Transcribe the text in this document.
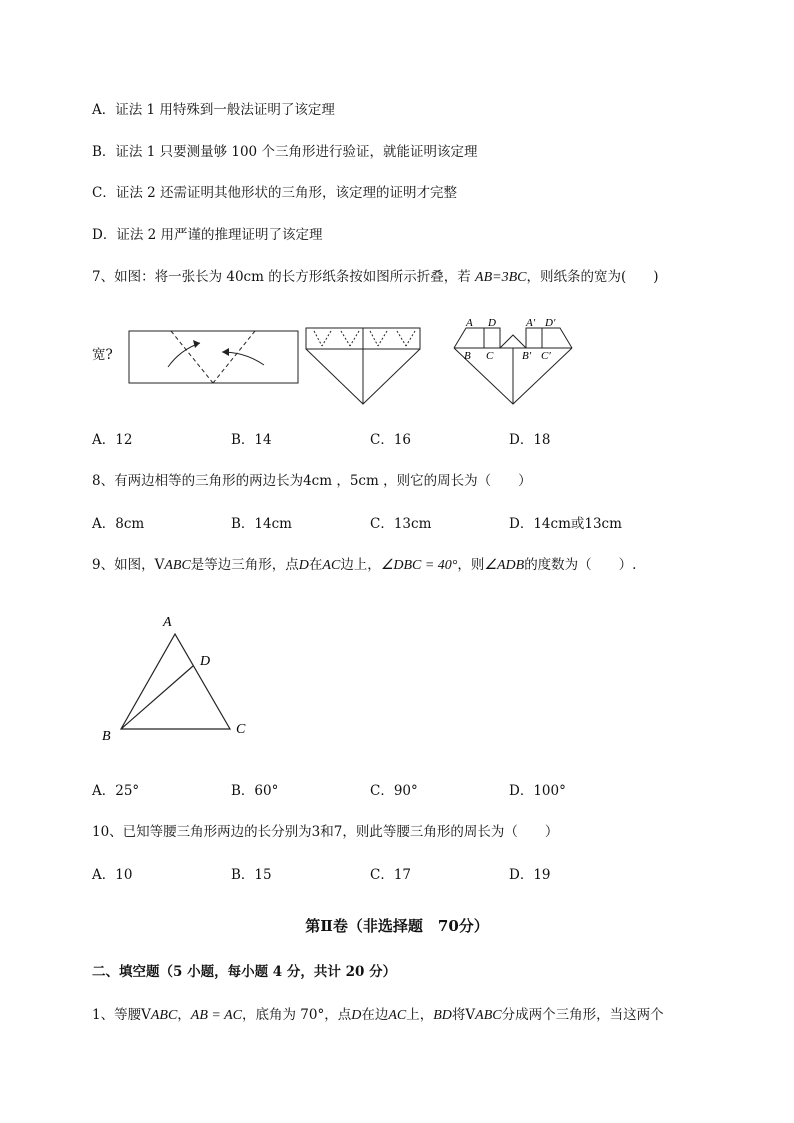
A．证法 1 用特殊到一般法证明了该定理
B．证法 1 只要测量够 100 个三角形进行验证，就能证明该定理
C．证法 2 还需证明其他形状的三角形，该定理的证明才完整
D．证法 2 用严谨的推理证明了该定理
7、如图：将一张长为 40cm 的长方形纸条按如图所示折叠，若 AB=3BC，则纸条的宽为(　　)
宽?
A D
B C
A′ D′
B′ C′
A．12	B．14	C．16	D．18
8、有两边相等的三角形的两边长为4cm ，5cm ，则它的周长为（　　）
A．8cm	B．14cm	C．13cm	D．14cm或13cm
9、如图，VABC是等边三角形，点D在AC边上，∠DBC = 40°，则∠ADB的度数为（　　）.
A
D
B	C
A．25°	B．60°	C．90°	D．100°
10、已知等腰三角形两边的长分别为3和7，则此等腰三角形的周长为（　　）
A．10	B．15	C．17	D．19
第Ⅱ卷（非选择题　70分）
二、填空题（5 小题，每小题 4 分，共计 20 分）
1、等腰VABC，AB = AC，底角为 70°，点D在边AC上，BD将VABC分成两个三角形，当这两个
